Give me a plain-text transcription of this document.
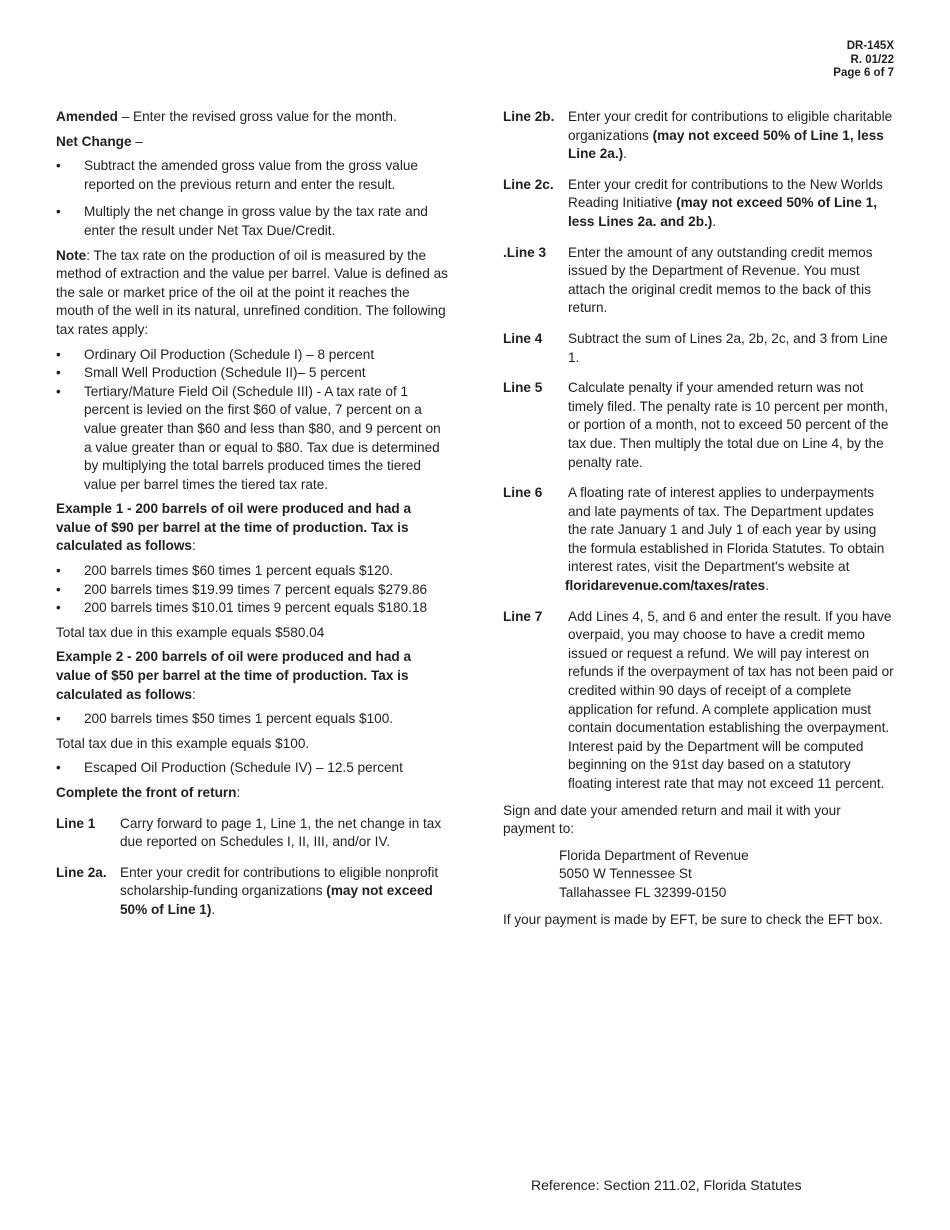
DR-145X
R. 01/22
Page 6 of 7

Amended – Enter the revised gross value for the month.

Net Change –

• Subtract the amended gross value from the gross value reported on the previous return and enter the result.
• Multiply the net change in gross value by the tax rate and enter the result under Net Tax Due/Credit.

Note: The tax rate on the production of oil is measured by the method of extraction and the value per barrel. Value is defined as the sale or market price of the oil at the point it reaches the mouth of the well in its natural, unrefined condition. The following tax rates apply:

• Ordinary Oil Production (Schedule I) – 8 percent
• Small Well Production (Schedule II)– 5 percent
• Tertiary/Mature Field Oil (Schedule III) - A tax rate of 1 percent is levied on the first $60 of value, 7 percent on a value greater than $60 and less than $80, and 9 percent on a value greater than or equal to $80. Tax due is determined by multiplying the total barrels produced times the tiered value per barrel times the tiered tax rate.

Example 1 - 200 barrels of oil were produced and had a value of $90 per barrel at the time of production. Tax is calculated as follows:

• 200 barrels times $60 times 1 percent equals $120.
• 200 barrels times $19.99 times 7 percent equals $279.86
• 200 barrels times $10.01 times 9 percent equals $180.18

Total tax due in this example equals $580.04

Example 2 - 200 barrels of oil were produced and had a value of $50 per barrel at the time of production. Tax is calculated as follows:

• 200 barrels times $50 times 1 percent equals $100.

Total tax due in this example equals $100.

• Escaped Oil Production (Schedule IV) – 12.5 percent

Complete the front of return:

Line 1	Carry forward to page 1, Line 1, the net change in tax due reported on Schedules I, II, III, and/or IV.
Line 2a. Enter your credit for contributions to eligible nonprofit scholarship-funding organizations (may not exceed 50% of Line 1).
Line 2b.	Enter your credit for contributions to eligible charitable organizations (may not exceed 50% of Line 1, less Line 2a.).
Line 2c.	Enter your credit for contributions to the New Worlds Reading Initiative (may not exceed 50% of Line 1, less Lines 2a. and 2b.).
.Line 3	Enter the amount of any outstanding credit memos issued by the Department of Revenue. You must attach the original credit memos to the back of this return.
Line 4	Subtract the sum of Lines 2a, 2b, 2c, and 3 from Line 1.
Line 5	Calculate penalty if your amended return was not timely filed. The penalty rate is 10 percent per month, or portion of a month, not to exceed 50 percent of the tax due. Then multiply the total due on Line 4, by the penalty rate.
Line 6	A floating rate of interest applies to underpayments and late payments of tax. The Department updates the rate January 1 and July 1 of each year by using the formula established in Florida Statutes. To obtain interest rates, visit the Department's website at
floridarevenue.com/taxes/rates.
Line 7	Add Lines 4, 5, and 6 and enter the result. If you have overpaid, you may choose to have a credit memo issued or request a refund. We will pay interest on refunds if the overpayment of tax has not been paid or credited within 90 days of receipt of a complete application for refund. A complete application must contain documentation establishing the overpayment. Interest paid by the Department will be computed beginning on the 91st day based on a statutory floating interest rate that may not exceed 11 percent.

Sign and date your amended return and mail it with your payment to:

Florida Department of Revenue
5050 W Tennessee St
Tallahassee FL 32399-0150

If your payment is made by EFT, be sure to check the EFT box.

Reference: Section 211.02, Florida Statutes
